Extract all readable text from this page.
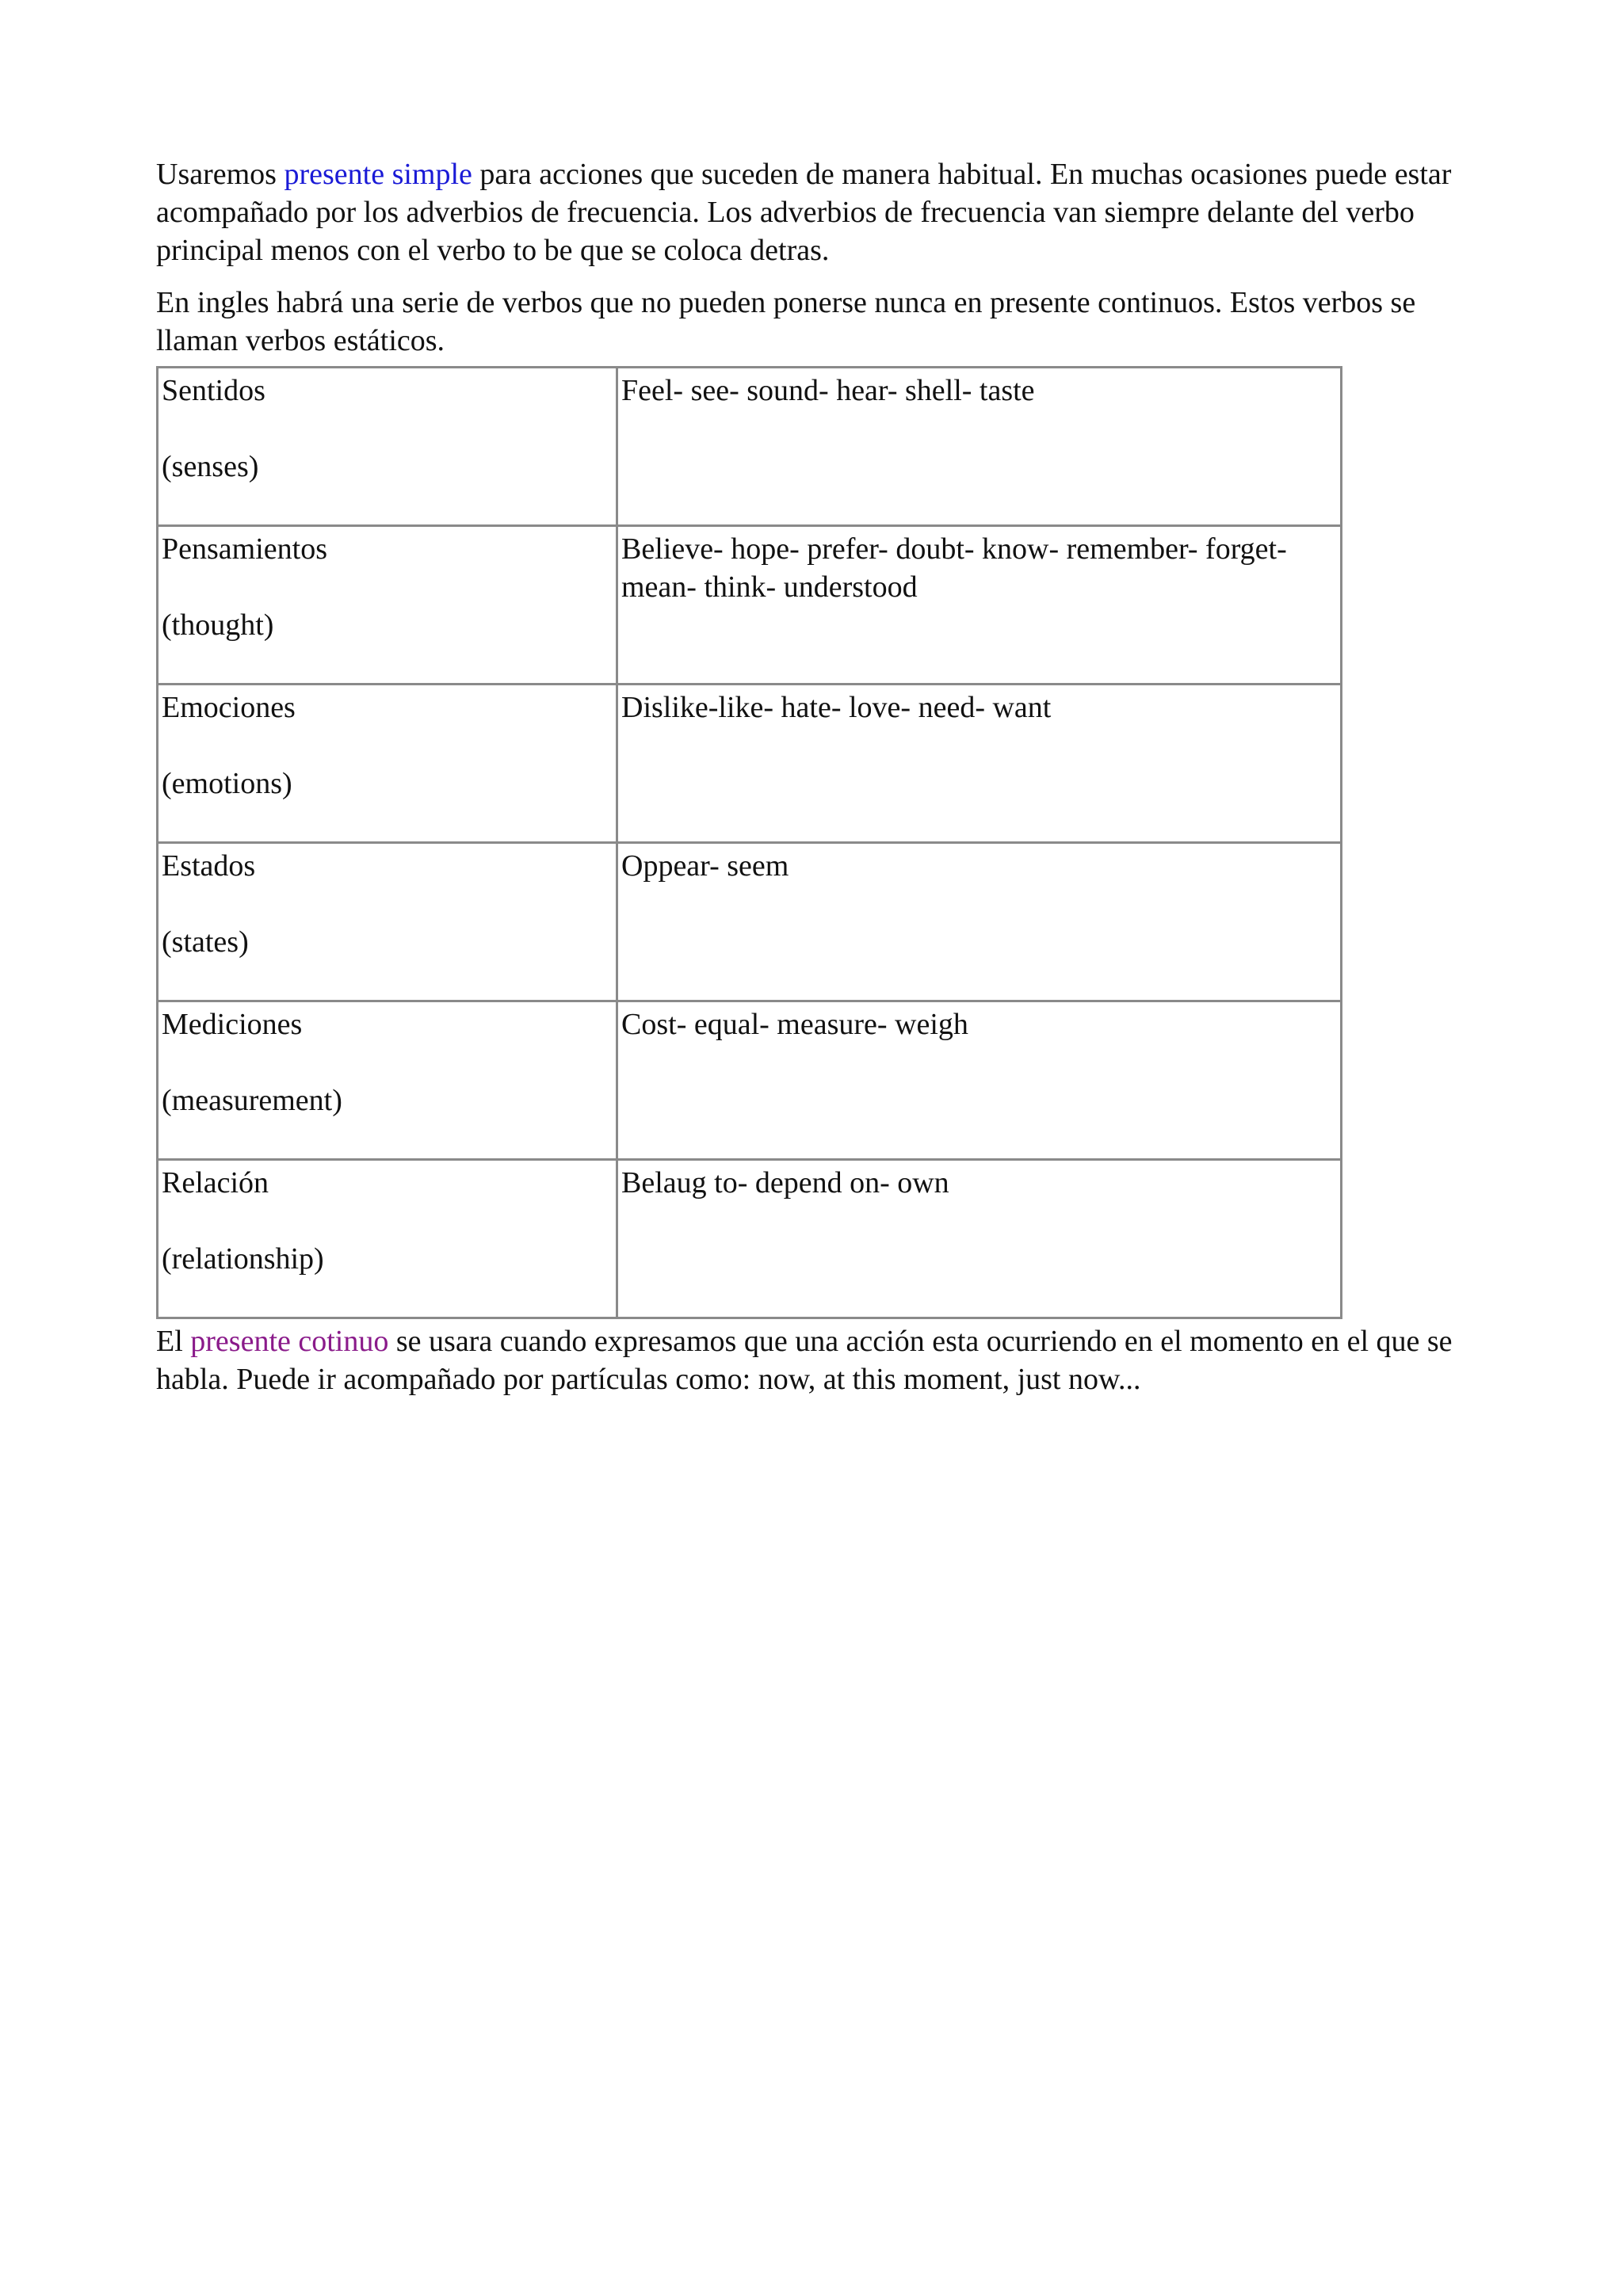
Usaremos presente simple para acciones que suceden de manera habitual. En muchas ocasiones puede estar acompañado por los adverbios de frecuencia. Los adverbios de frecuencia van siempre delante del verbo principal menos con el verbo to be que se coloca detras.

En ingles habrá una serie de verbos que no pueden ponerse nunca en presente continuos. Estos verbos se llaman verbos estáticos.

Sentidos
(senses)	Feel- see- sound- hear- shell- taste

Pensamientos
(thought)	Believe- hope- prefer- doubt- know- remember- forget- mean- think- understood

Emociones
(emotions)	Dislike-like- hate- love- need- want

Estados
(states)	Oppear- seem

Mediciones
(measurement)	Cost- equal- measure- weigh

Relación
(relationship)	Belaug to- depend on- own

El presente cotinuo se usara cuando expresamos que una acción esta ocurriendo en el momento en el que se habla. Puede ir acompañado por partículas como: now, at this moment, just now...
